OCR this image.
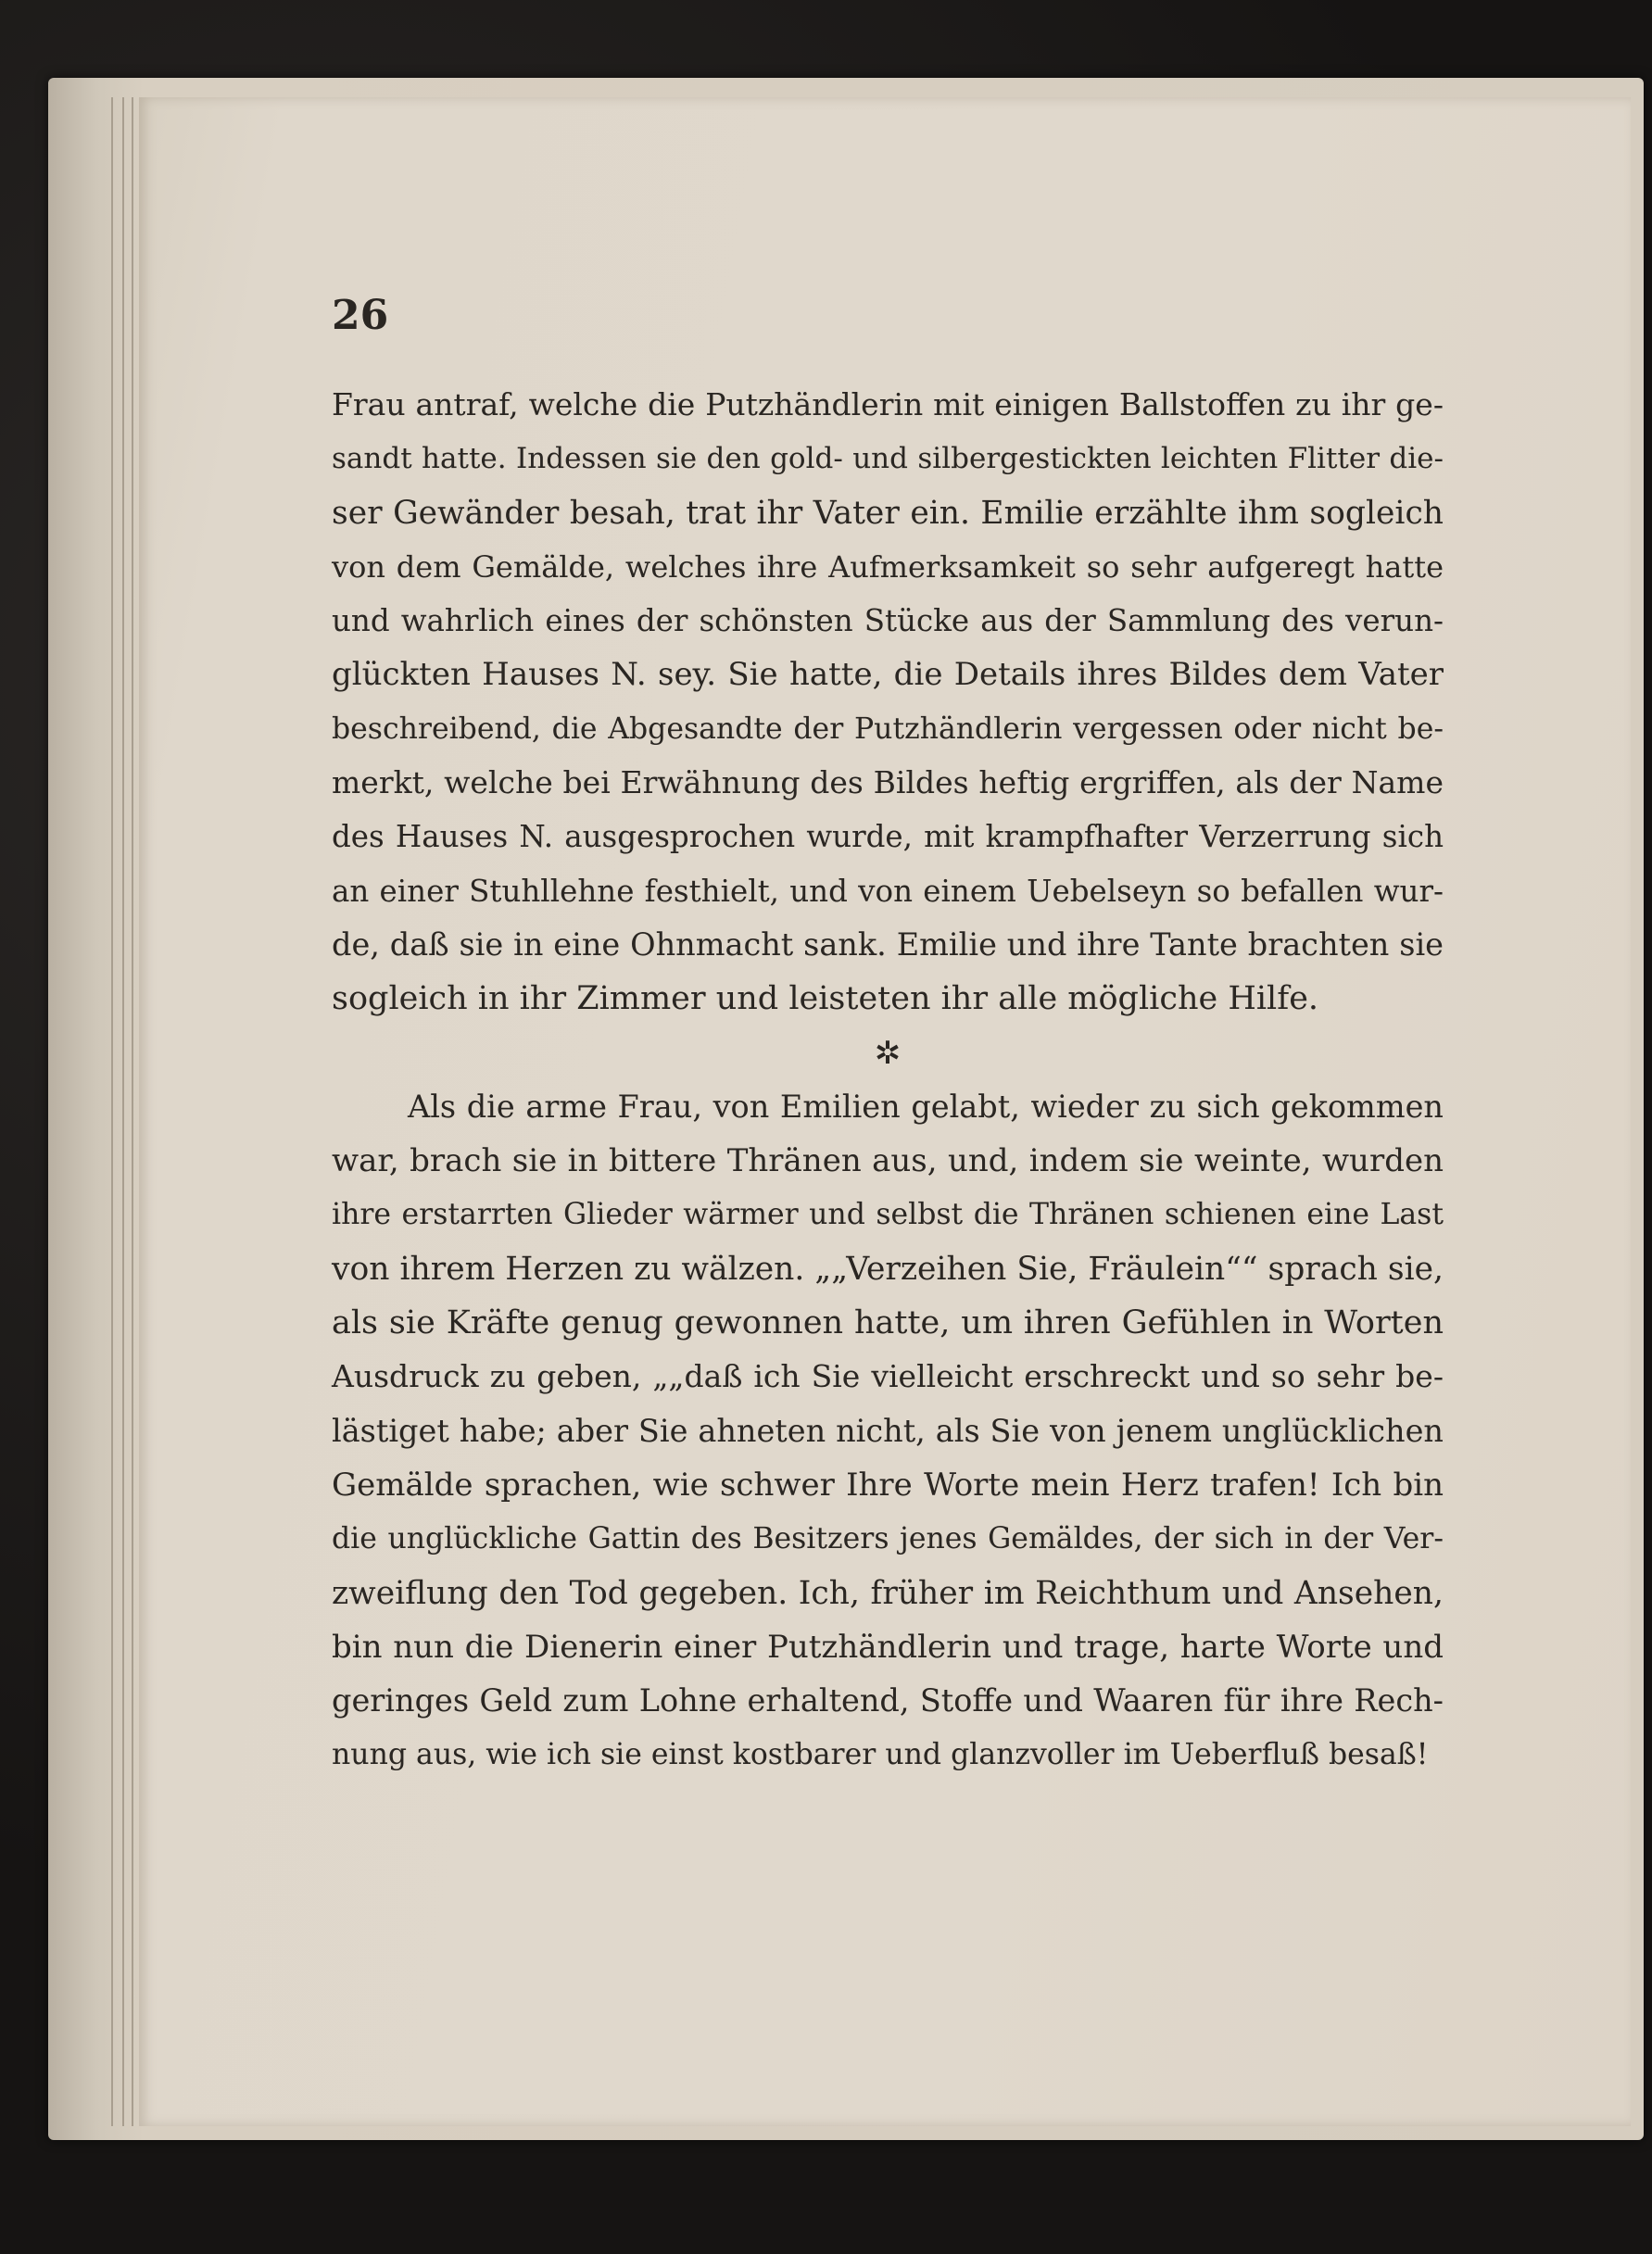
26
Frau antraf, welche die Putzhändlerin mit einigen Ballstoffen zu ihr ge-
sandt hatte. Indessen sie den gold- und silbergestickten leichten Flitter die-
ser Gewänder besah, trat ihr Vater ein. Emilie erzählte ihm sogleich
von dem Gemälde, welches ihre Aufmerksamkeit so sehr aufgeregt hatte
und wahrlich eines der schönsten Stücke aus der Sammlung des verun-
glückten Hauses N. sey. Sie hatte, die Details ihres Bildes dem Vater
beschreibend, die Abgesandte der Putzhändlerin vergessen oder nicht be-
merkt, welche bei Erwähnung des Bildes heftig ergriffen, als der Name
des Hauses N. ausgesprochen wurde, mit krampfhafter Verzerrung sich
an einer Stuhllehne festhielt, und von einem Uebelseyn so befallen wur-
de, daß sie in eine Ohnmacht sank. Emilie und ihre Tante brachten sie
sogleich in ihr Zimmer und leisteten ihr alle mögliche Hilfe.
✲
Als die arme Frau, von Emilien gelabt, wieder zu sich gekommen
war, brach sie in bittere Thränen aus, und, indem sie weinte, wurden
ihre erstarrten Glieder wärmer und selbst die Thränen schienen eine Last
von ihrem Herzen zu wälzen. „„Verzeihen Sie, Fräulein““ sprach sie,
als sie Kräfte genug gewonnen hatte, um ihren Gefühlen in Worten
Ausdruck zu geben, „„daß ich Sie vielleicht erschreckt und so sehr be-
lästiget habe; aber Sie ahneten nicht, als Sie von jenem unglücklichen
Gemälde sprachen, wie schwer Ihre Worte mein Herz trafen! Ich bin
die unglückliche Gattin des Besitzers jenes Gemäldes, der sich in der Ver-
zweiflung den Tod gegeben. Ich, früher im Reichthum und Ansehen,
bin nun die Dienerin einer Putzhändlerin und trage, harte Worte und
geringes Geld zum Lohne erhaltend, Stoffe und Waaren für ihre Rech-
nung aus, wie ich sie einst kostbarer und glanzvoller im Ueberfluß besaß!
